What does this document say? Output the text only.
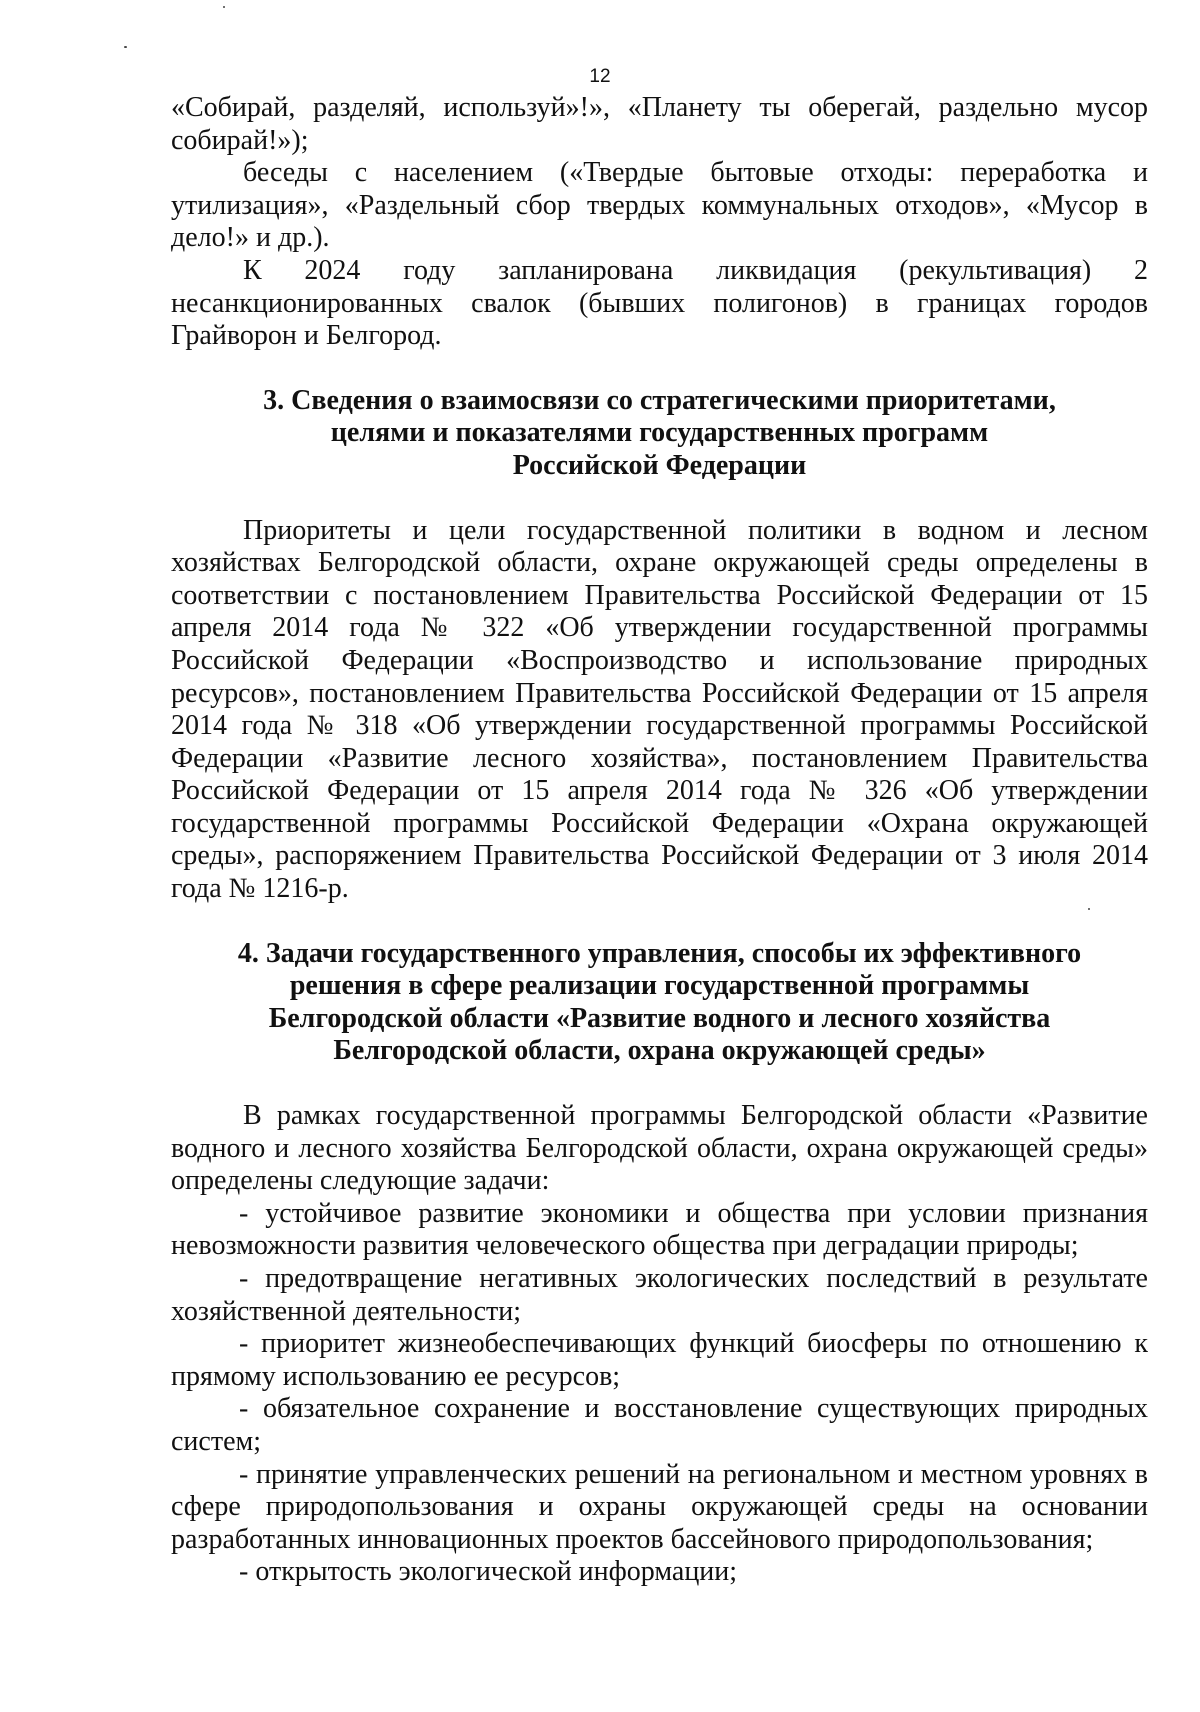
12

«Собирай, разделяй, используй»!», «Планету ты оберегай, раздельно мусор собирай!»);

беседы с населением («Твердые бытовые отходы: переработка и утилизация», «Раздельный сбор твердых коммунальных отходов», «Мусор в дело!» и др.).

К 2024 году запланирована ликвидация (рекультивация) 2 несанкционированных свалок (бывших полигонов) в границах городов Грайворон и Белгород.

3. Сведения о взаимосвязи со стратегическими приоритетами,
целями и показателями государственных программ
Российской Федерации

Приоритеты и цели государственной политики в водном и лесном хозяйствах Белгородской области, охране окружающей среды определены в соответствии с постановлением Правительства Российской Федерации от 15 апреля 2014 года № 322 «Об утверждении государственной программы Российской Федерации «Воспроизводство и использование природных ресурсов», постановлением Правительства Российской Федерации от 15 апреля 2014 года № 318 «Об утверждении государственной программы Российской Федерации «Развитие лесного хозяйства», постановлением Правительства Российской Федерации от 15 апреля 2014 года № 326 «Об утверждении государственной программы Российской Федерации «Охрана окружающей среды», распоряжением Правительства Российской Федерации от 3 июля 2014 года № 1216-р.

4. Задачи государственного управления, способы их эффективного
решения в сфере реализации государственной программы
Белгородской области «Развитие водного и лесного хозяйства
Белгородской области, охрана окружающей среды»

В рамках государственной программы Белгородской области «Развитие водного и лесного хозяйства Белгородской области, охрана окружающей среды» определены следующие задачи:

- устойчивое развитие экономики и общества при условии признания невозможности развития человеческого общества при деградации природы;

- предотвращение негативных экологических последствий в результате хозяйственной деятельности;

- приоритет жизнеобеспечивающих функций биосферы по отношению к прямому использованию ее ресурсов;

- обязательное сохранение и восстановление существующих природных систем;

- принятие управленческих решений на региональном и местном уровнях в сфере природопользования и охраны окружающей среды на основании разработанных инновационных проектов бассейнового природопользования;

- открытость экологической информации;
